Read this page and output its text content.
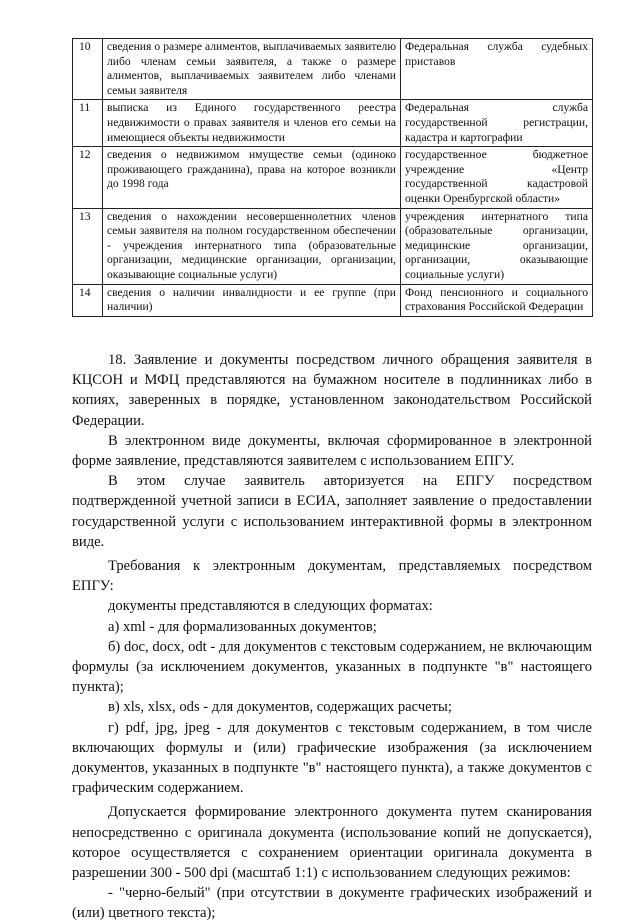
10	сведения о размере алиментов, выплачиваемых заявителю либо членам семьи заявителя, а также о размере алиментов, выплачиваемых заявителем либо членами семьи заявителя	Федеральная служба судебных приставов
11	выписка из Единого государственного реестра недвижимости о правах заявителя и членов его семьи на имеющиеся объекты недвижимости	Федеральная служба государственной регистрации, кадастра и картографии
12	сведения о недвижимом имуществе семьи (одиноко проживающего гражданина), права на которое возникли до 1998 года	государственное бюджетное учреждение «Центр государственной кадастровой оценки Оренбургской области»
13	сведения о нахождении несовершеннолетних членов семьи заявителя на полном государственном обеспечении - учреждения интернатного типа (образовательные организации, медицинские организации, организации, оказывающие социальные услуги)	учреждения интернатного типа (образовательные организации, медицинские организации, организации, оказывающие социальные услуги)
14	сведения о наличии инвалидности и ее группе (при наличии)	Фонд пенсионного и социального страхования Российской Федерации

18. Заявление и документы посредством личного обращения заявителя в КЦСОН и МФЦ представляются на бумажном носителе в подлинниках либо в копиях, заверенных в порядке, установленном законодательством Российской Федерации.

В электронном виде документы, включая сформированное в электронной форме заявление, представляются заявителем с использованием ЕПГУ.

В этом случае заявитель авторизуется на ЕПГУ посредством подтвержденной учетной записи в ЕСИА, заполняет заявление о предоставлении государственной услуги с использованием интерактивной формы в электронном виде.

Требования к электронным документам, представляемых посредством ЕПГУ:

документы представляются в следующих форматах:

а) xml - для формализованных документов;

б) doc, docx, odt - для документов с текстовым содержанием, не включающим формулы (за исключением документов, указанных в подпункте "в" настоящего пункта);

в) xls, xlsx, ods - для документов, содержащих расчеты;

г) pdf, jpg, jpeg - для документов с текстовым содержанием, в том числе включающих формулы и (или) графические изображения (за исключением документов, указанных в подпункте "в" настоящего пункта), а также документов с графическим содержанием.

Допускается формирование электронного документа путем сканирования непосредственно с оригинала документа (использование копий не допускается), которое осуществляется с сохранением ориентации оригинала документа в разрешении 300 - 500 dpi (масштаб 1:1) с использованием следующих режимов:

- "черно-белый" (при отсутствии в документе графических изображений и (или) цветного текста);
